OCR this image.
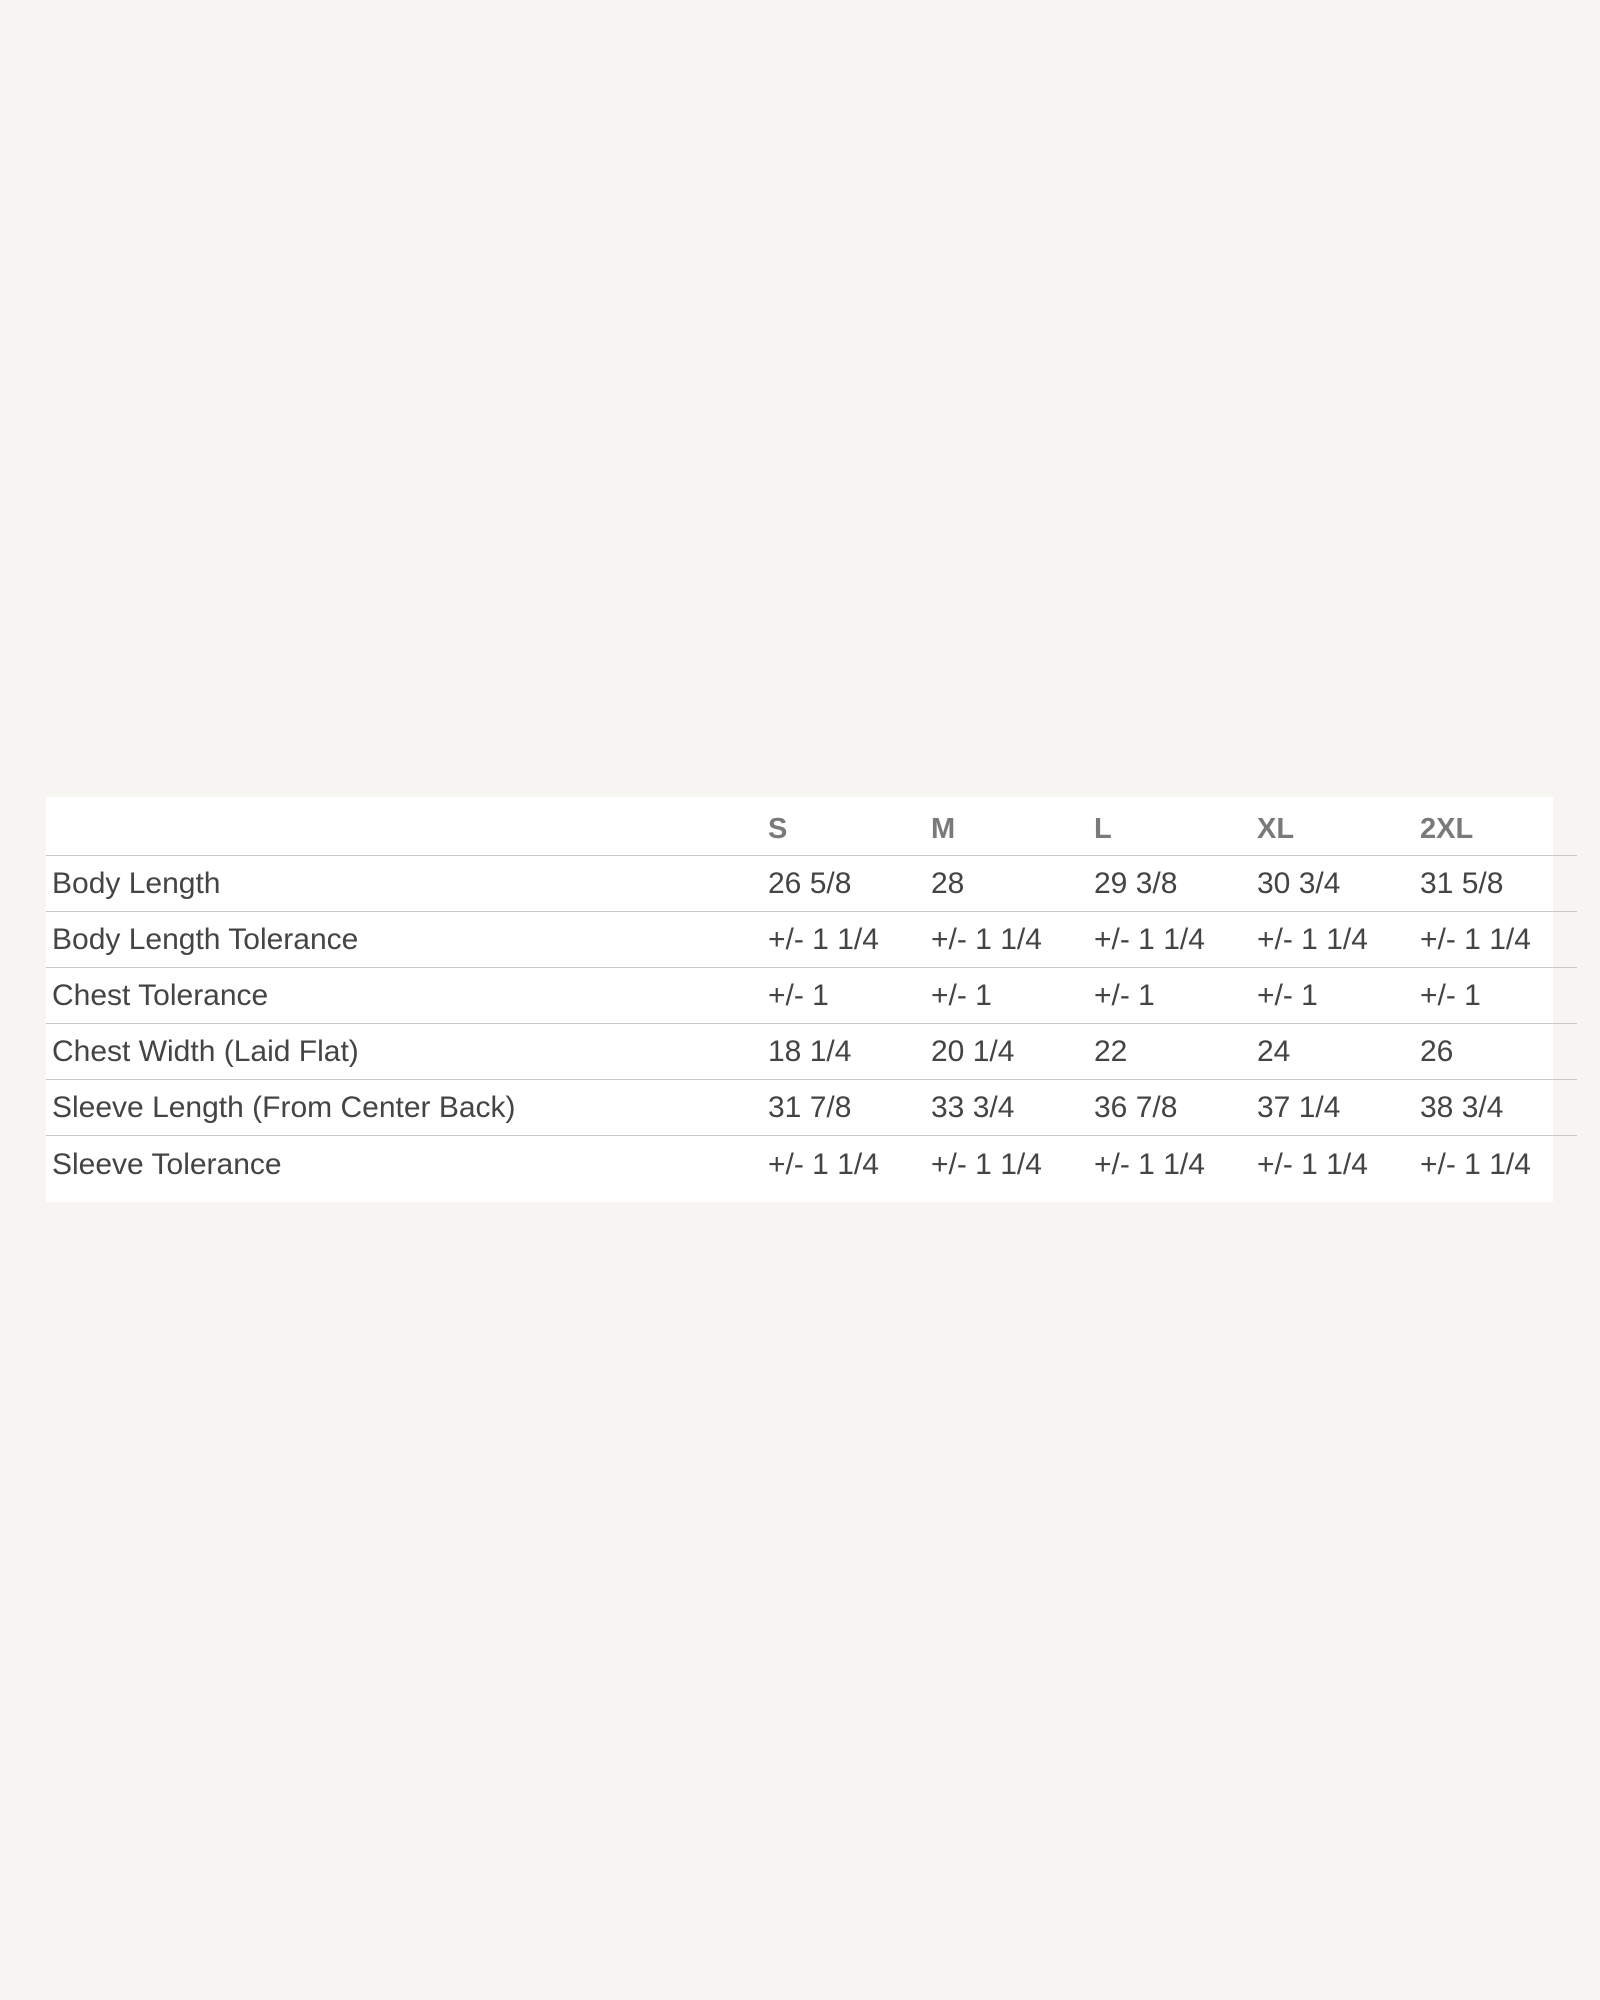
	S	M	L	XL	2XL
Body Length	26 5/8	28	29 3/8	30 3/4	31 5/8
Body Length Tolerance	+/- 1 1/4	+/- 1 1/4	+/- 1 1/4	+/- 1 1/4	+/- 1 1/4
Chest Tolerance	+/- 1	+/- 1	+/- 1	+/- 1	+/- 1
Chest Width (Laid Flat)	18 1/4	20 1/4	22	24	26
Sleeve Length (From Center Back)	31 7/8	33 3/4	36 7/8	37 1/4	38 3/4
Sleeve Tolerance	+/- 1 1/4	+/- 1 1/4	+/- 1 1/4	+/- 1 1/4	+/- 1 1/4
